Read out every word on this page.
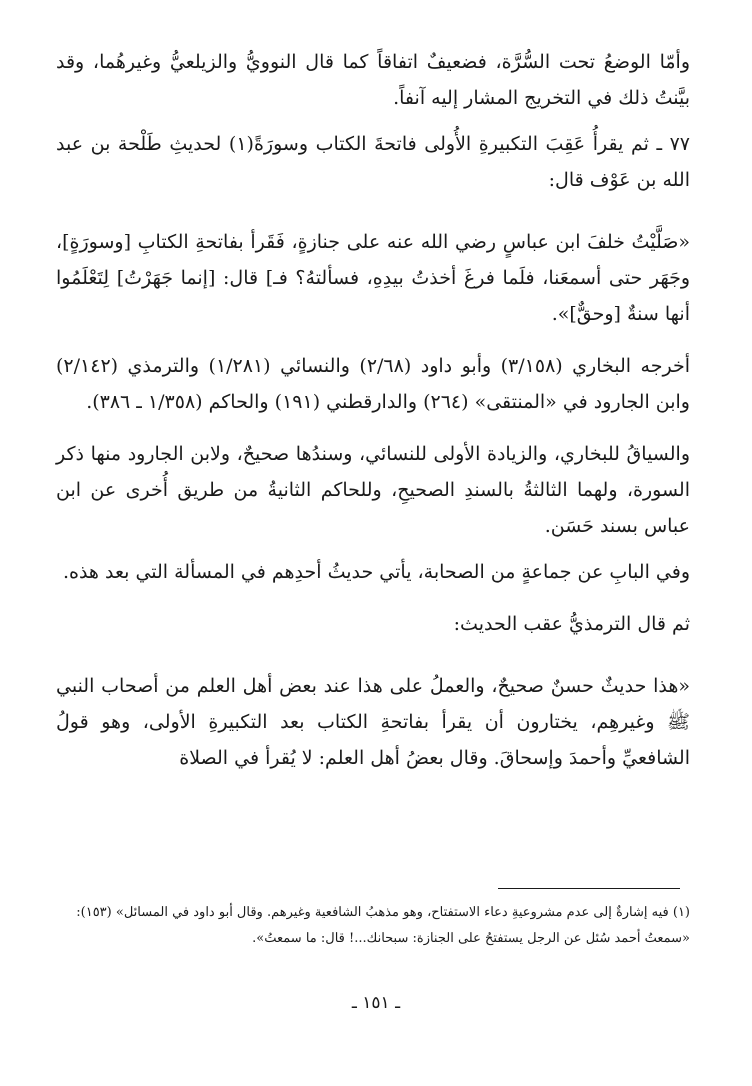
وأمّا الوضعُ تحت السُّرَّة، فضعيفٌ اتفاقاً كما قال النوويُّ والزيلعيُّ وغيرهُما، وقد بيَّنتُ ذلك في التخريج المشار إليه آنفاً.

٧٧ ـ ثم يقرأُ عَقِبَ التكبيرةِ الأُولى فاتحةَ الكتاب وسورَةً(١) لحديثِ طَلْحة بن عبد الله بن عَوْف قال:

«صَلَّيْتُ خلفَ ابن عباسٍ رضي الله عنه على جنازةٍ، فَقَرأ بفاتحةِ الكتابِ [وسورَةٍ]، وجَهَر حتى أسمعَنا، فلَما فرغَ أخذتُ بيدِهِ، فسألتهُ؟ فـ] قال: [إنما جَهَرْتُ] لِتَعْلَمُوا أنها سنةٌ [وحقٌّ]».

أخرجه البخاري (٣/١٥٨) وأبو داود (٢/٦٨) والنسائي (١/٢٨١) والترمذي (٢/١٤٢) وابن الجارود في «المنتقى» (٢٦٤) والدارقطني (١٩١) والحاكم (١/٣٥٨ ـ ٣٨٦).

والسياقُ للبخاري، والزيادة الأولى للنسائي، وسندُها صحيحٌ، ولابن الجارود منها ذكر السورة، ولهما الثالثةُ بالسندِ الصحيحِ، وللحاكم الثانيةُ من طريق أُخرى عن ابن عباس بسند حَسَن.

وفي البابِ عن جماعةٍ من الصحابة، يأتي حديثُ أحدِهم في المسألة التي بعد هذه.

ثم قال الترمذيُّ عقب الحديث:

«هذا حديثٌ حسنٌ صحيحٌ، والعملُ على هذا عند بعض أهل العلم من أصحاب النبي ﷺ وغيرهِم، يختارون أن يقرأ بفاتحةِ الكتاب بعد التكبيرةِ الأولى، وهو قولُ الشافعيِّ وأحمدَ وإسحاقَ. وقال بعضُ أهل العلم: لا يُقرأ في الصلاة

(١) فيه إشارةٌ إلى عدم مشروعيةِ دعاء الاستفتاح، وهو مذهبُ الشافعية وغيرهم. وقال أبو داود في المسائل» (١٥٣):

«سمعتُ أحمد سُئل عن الرجل يستفتحُ على الجنازة: سبحانك...! قال: ما سمعتُ».

ـ ١٥١ ـ
